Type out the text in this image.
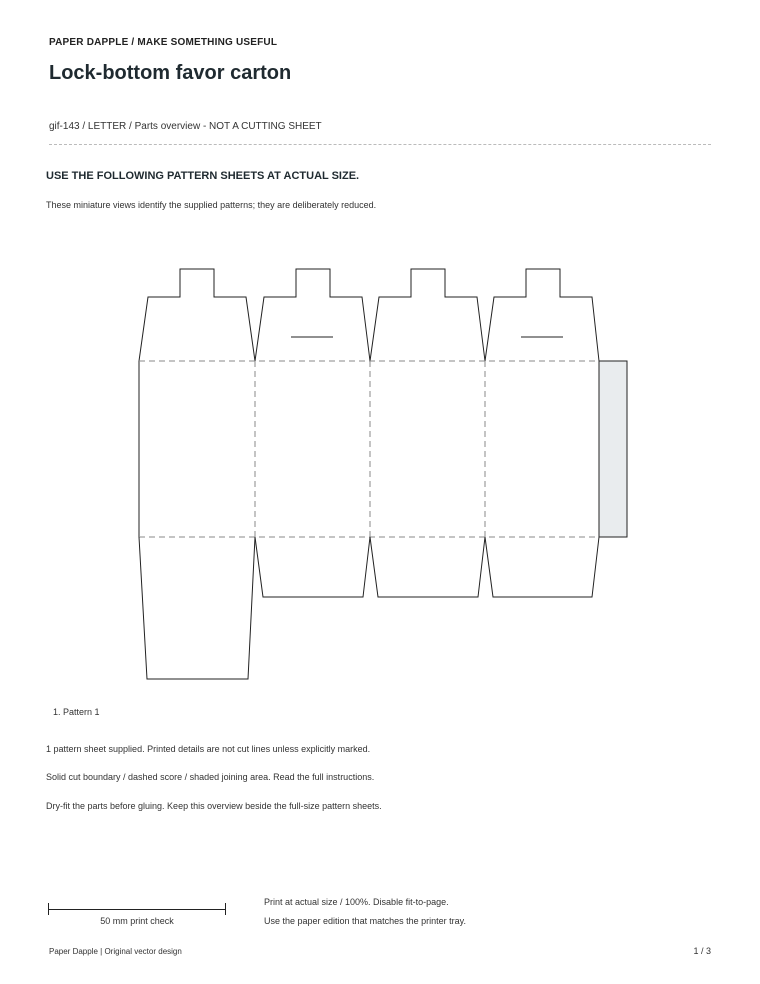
PAPER DAPPLE / MAKE SOMETHING USEFUL
Lock-bottom favor carton
gif-143 / LETTER / Parts overview - NOT A CUTTING SHEET
USE THE FOLLOWING PATTERN SHEETS AT ACTUAL SIZE.
These miniature views identify the supplied patterns; they are deliberately reduced.
1. Pattern 1
1 pattern sheet supplied. Printed details are not cut lines unless explicitly marked.
Solid cut boundary / dashed score / shaded joining area. Read the full instructions.
Dry-fit the parts before gluing. Keep this overview beside the full-size pattern sheets.
50 mm print check
Print at actual size / 100%. Disable fit-to-page.
Use the paper edition that matches the printer tray.
Paper Dapple | Original vector design	1 / 3
